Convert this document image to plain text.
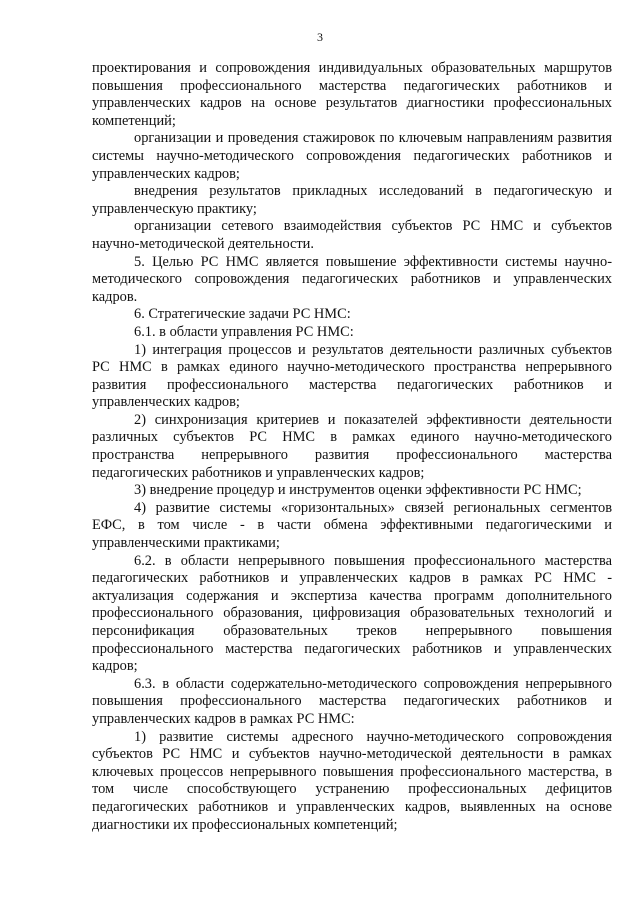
3

проектирования и сопровождения индивидуальных образовательных маршрутов повышения профессионального мастерства педагогических работников и управленческих кадров на основе результатов диагностики профессиональных компетенций;

организации и проведения стажировок по ключевым направлениям развития системы научно-методического сопровождения педагогических работников и управленческих кадров;

внедрения результатов прикладных исследований в педагогическую и управленческую практику;

организации сетевого взаимодействия субъектов РС НМС и субъектов научно-методической деятельности.

5. Целью РС НМС является повышение эффективности системы научно-методического сопровождения педагогических работников и управленческих кадров.

6. Стратегические задачи РС НМС:

6.1. в области управления РС НМС:

1) интеграция процессов и результатов деятельности различных субъектов РС НМС в рамках единого научно-методического пространства непрерывного развития профессионального мастерства педагогических работников и управленческих кадров;

2) синхронизация критериев и показателей эффективности деятельности различных субъектов РС НМС в рамках единого научно-методического пространства непрерывного развития профессионального мастерства педагогических работников и управленческих кадров;

3) внедрение процедур и инструментов оценки эффективности РС НМС;

4) развитие системы «горизонтальных» связей региональных сегментов ЕФС, в том числе - в части обмена эффективными педагогическими и управленческими практиками;

6.2. в области непрерывного повышения профессионального мастерства педагогических работников и управленческих кадров в рамках РС НМС - актуализация содержания и экспертиза качества программ дополнительного профессионального образования, цифровизация образовательных технологий и персонификация образовательных треков непрерывного повышения профессионального мастерства педагогических работников и управленческих кадров;

6.3. в области содержательно-методического сопровождения непрерывного повышения профессионального мастерства педагогических работников и управленческих кадров в рамках РС НМС:

1) развитие системы адресного научно-методического сопровождения субъектов РС НМС и субъектов научно-методической деятельности в рамках ключевых процессов непрерывного повышения профессионального мастерства, в том числе способствующего устранению профессиональных дефицитов педагогических работников и управленческих кадров, выявленных на основе диагностики их профессиональных компетенций;
